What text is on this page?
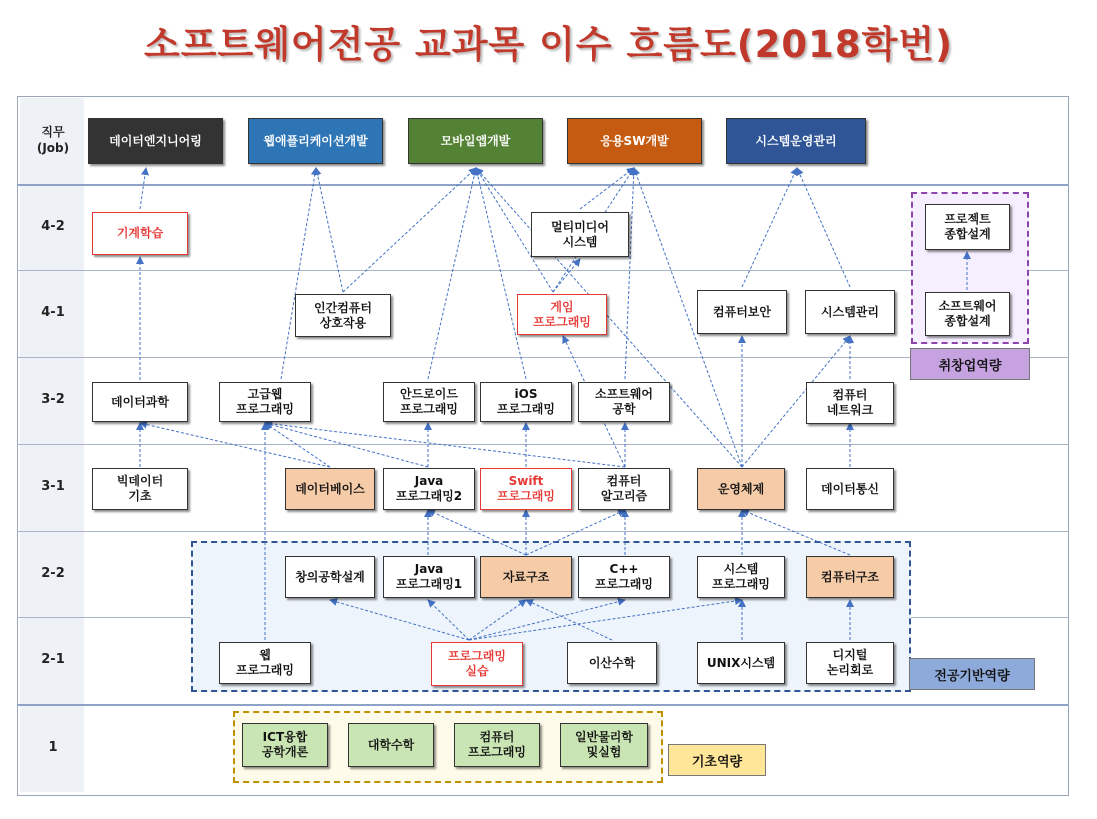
소프트웨어전공 교과목 이수 흐름도(2018학번)
직무
(Job)
4-2
4-1
3-2
3-1
2-2
2-1
1
데이터엔지니어링	웹애플리케이션개발	모바일앱개발	응용SW개발	시스템운영관리
기계학습	멀티미디어
시스템
프로젝트
종합설계
인간컴퓨터
상호작용
게임
프로그래밍
컴퓨터보안	시스템관리	소프트웨어
종합설계
데이터과학
고급웹
프로그래밍
안드로이드
프로그래밍
iOS
프로그래밍
소프트웨어
공학
컴퓨터
네트워크
빅데이터
기초
데이터베이스
Java
프로그래밍2
Swift
프로그래밍
컴퓨터
알고리즘
운영체제	데이터통신
창의공학설계
Java
프로그래밍1
자료구조
C++
프로그래밍
시스템
프로그래밍
컴퓨터구조
웹
프로그래밍
프로그래밍
실습
이산수학	UNIX시스템
디지털
논리회로
ICT융합
공학개론
대학수학
컴퓨터
프로그래밍
일반물리학
및실험
취창업역량
전공기반역량
기초역량
